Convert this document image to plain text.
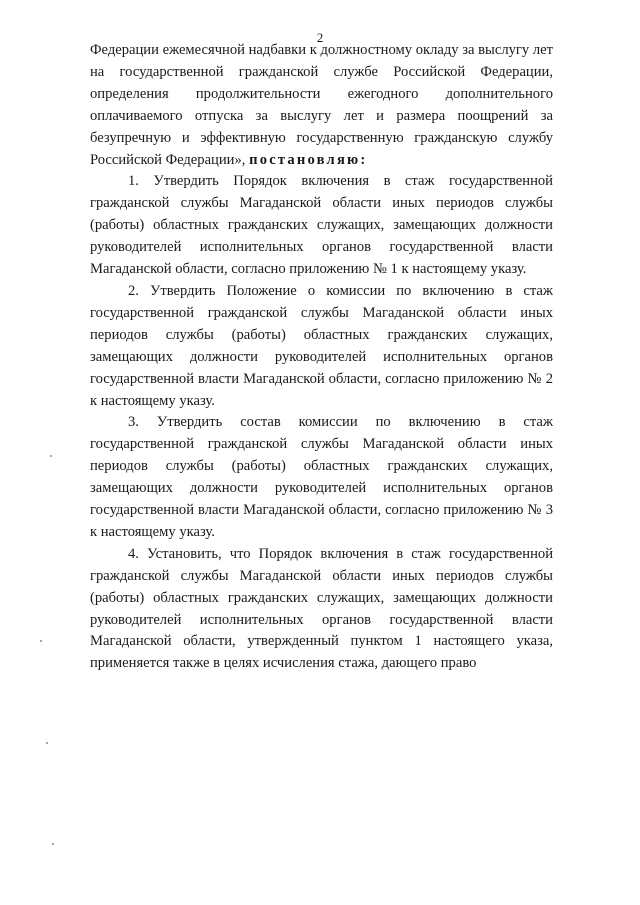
2

Федерации ежемесячной надбавки к должностному окладу за выслугу лет на государственной гражданской службе Российской Федерации, определения продолжительности ежегодного дополнительного оплачиваемого отпуска за выслугу лет и размера поощрений за безупречную и эффективную государственную гражданскую службу Российской Федерации», постановляю:

1. Утвердить Порядок включения в стаж государственной гражданской службы Магаданской области иных периодов службы (работы) областных гражданских служащих, замещающих должности руководителей исполнительных органов государственной власти Магаданской области, согласно приложению № 1 к настоящему указу.

2. Утвердить Положение о комиссии по включению в стаж государственной гражданской службы Магаданской области иных периодов службы (работы) областных гражданских служащих, замещающих должности руководителей исполнительных органов государственной власти Магаданской области, согласно приложению № 2 к настоящему указу.

3. Утвердить состав комиссии по включению в стаж государственной гражданской службы Магаданской области иных периодов службы (работы) областных гражданских служащих, замещающих должности руководителей исполнительных органов государственной власти Магаданской области, согласно приложению № 3 к настоящему указу.

4. Установить, что Порядок включения в стаж государственной гражданской службы Магаданской области иных периодов службы (работы) областных гражданских служащих, замещающих должности руководителей исполнительных органов государственной власти Магаданской области, утвержденный пунктом 1 настоящего указа, применяется также в целях исчисления стажа, дающего право
